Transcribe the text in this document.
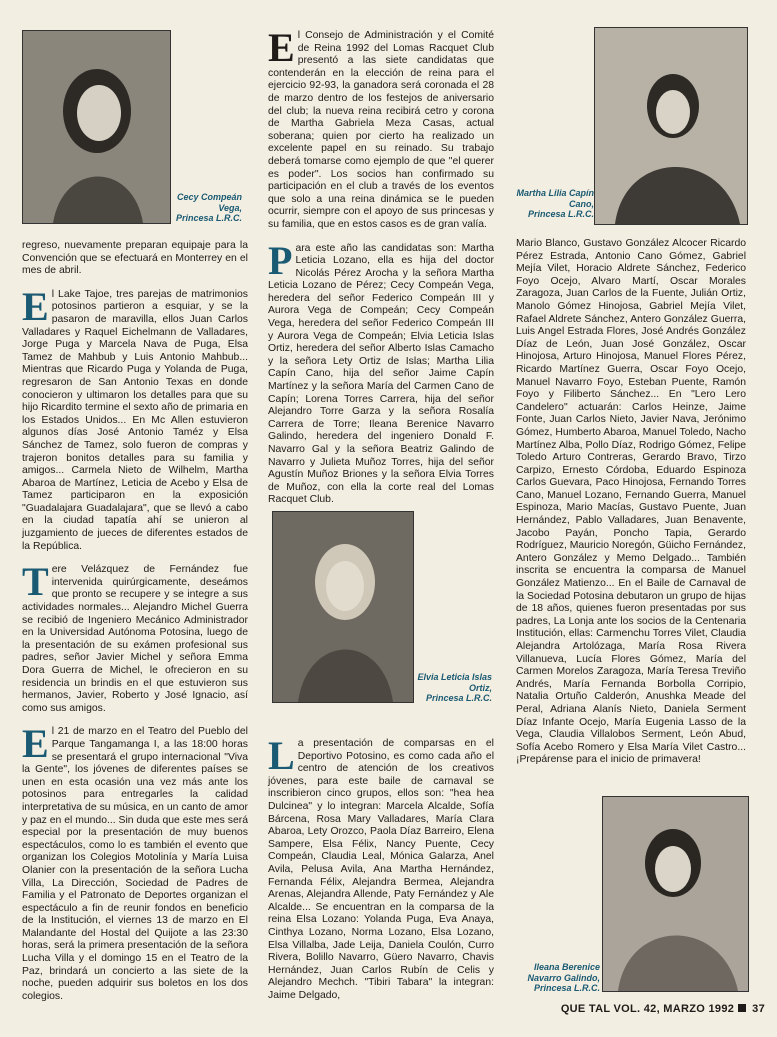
Cecy Compeán
Vega,
Princesa L.R.C.
Martha Lilia Capín
Cano,
Princesa L.R.C.
Elvia Leticia Islas
Ortiz,
Princesa L.R.C.
Ileana Berenice
Navarro Galindo,
Princesa L.R.C.

regreso, nuevamente preparan equipaje para la Convención que se efectuará en Monterrey en el mes de abril.

El Lake Tajoe, tres parejas de matrimonios potosinos partieron a esquiar, y se la pasaron de maravilla, ellos Juan Carlos Valladares y Raquel Eichelmann de Valladares, Jorge Puga y Marcela Nava de Puga, Elsa Tamez de Mahbub y Luis Antonio Mahbub... Mientras que Ricardo Puga y Yolanda de Puga, regresaron de San Antonio Texas en donde conocieron y ultimaron los detalles para que su hijo Ricardito termine el sexto año de primaria en los Estados Unidos... En Mc Allen estuvieron algunos días José Antonio Taméz y Elsa Sánchez de Tamez, solo fueron de compras y trajeron bonitos detalles para su familia y amigos... Carmela Nieto de Wilhelm, Martha Abaroa de Martínez, Leticia de Acebo y Elsa de Tamez participaron en la exposición "Guadalajara Guadalajara", que se llevó a cabo en la ciudad tapatía ahí se unieron al juzgamiento de jueces de diferentes estados de la República.

Tere Velázquez de Fernández fue intervenida quirúrgicamente, deseámos que pronto se recupere y se integre a sus actividades normales... Alejandro Michel Guerra se recibió de Ingeniero Mecánico Administrador en la Universidad Autónoma Potosina, luego de la presentación de su exámen profesional sus padres, señor Javier Michel y señora Emma Dora Guerra de Michel, le ofrecieron en su residencia un brindis en el que estuvieron sus hermanos, Javier, Roberto y José Ignacio, así como sus amigos.

El 21 de marzo en el Teatro del Pueblo del Parque Tangamanga I, a las 18:00 horas se presentará el grupo internacional "Viva la Gente", los jóvenes de diferentes países se unen en esta ocasión una vez más ante los potosinos para entregarles la calidad interpretativa de su música, en un canto de amor y paz en el mundo... Sin duda que este mes será especial por la presentación de muy buenos espectáculos, como lo es también el evento que organizan los Colegios Motolinía y María Luisa Olanier con la presentación de la señora Lucha Villa, La Dirección, Sociedad de Padres de Familia y el Patronato de Deportes organizan el espectáculo a fin de reunir fondos en beneficio de la Institución, el viernes 13 de marzo en El Malandante del Hostal del Quijote a las 23:30 horas, será la primera presentación de la señora Lucha Villa y el domingo 15 en el Teatro de la Paz, brindará un concierto a las siete de la noche, pueden adquirir sus boletos en los dos colegios.

El Consejo de Administración y el Comité de Reina 1992 del Lomas Racquet Club presentó a las siete candidatas que contenderán en la elección de reina para el ejercicio 92-93, la ganadora será coronada el 28 de marzo dentro de los festejos de aniversario del club; la nueva reina recibirá cetro y corona de Martha Gabriela Meza Casas, actual soberana; quien por cierto ha realizado un excelente papel en su reinado. Su trabajo deberá tomarse como ejemplo de que "el querer es poder". Los socios han confirmado su participación en el club a través de los eventos que solo a una reina dinámica se le pueden ocurrir, siempre con el apoyo de sus princesas y su familia, que en estos casos es de gran valía.

Para este año las candidatas son: Martha Leticia Lozano, ella es hija del doctor Nicolás Pérez Arocha y la señora Martha Leticia Lozano de Pérez; Cecy Compeán Vega, heredera del señor Federico Compeán III y Aurora Vega de Compeán; Cecy Compeán Vega, heredera del señor Federico Compeán III y Aurora Vega de Compeán; Elvia Leticia Islas Ortiz, heredera del señor Alberto Islas Camacho y la señora Lety Ortiz de Islas; Martha Lilia Capín Cano, hija del señor Jaime Capín Martínez y la señora María del Carmen Cano de Capín; Lorena Torres Carrera, hija del señor Alejandro Torre Garza y la señora Rosalía Carrera de Torre; Ileana Berenice Navarro Galindo, heredera del ingeniero Donald F. Navarro Gal y la señora Beatriz Galindo de Navarro y Julieta Muñoz Torres, hija del señor Agustín Muñoz Briones y la señora Elvia Torres de Muñoz, con ella la corte real del Lomas Racquet Club.

La presentación de comparsas en el Deportivo Potosino, es como cada año el centro de atención de los creativos jóvenes, para este baile de carnaval se inscribieron cinco grupos, ellos son: "hea hea Dulcinea" y lo integran: Marcela Alcalde, Sofía Bárcena, Rosa Mary Valladares, María Clara Abaroa, Lety Orozco, Paola Díaz Barreiro, Elena Sampere, Elsa Félix, Nancy Puente, Cecy Compeán, Claudia Leal, Mónica Galarza, Anel Avila, Pelusa Avila, Ana Martha Hernández, Fernanda Félix, Alejandra Bermea, Alejandra Arenas, Alejandra Allende, Paty Fernández y Ale Alcalde... Se encuentran en la comparsa de la reina Elsa Lozano: Yolanda Puga, Eva Anaya, Cinthya Lozano, Norma Lozano, Elsa Lozano, Elsa Villalba, Jade Leija, Daniela Coulón, Curro Rivera, Bolillo Navarro, Güero Navarro, Chavis Hernández, Juan Carlos Rubín de Celis y Alejandro Mechch. "Tibiri Tabara" la integran: Jaime Delgado,

Mario Blanco, Gustavo González Alcocer Ricardo Pérez Estrada, Antonio Cano Gómez, Gabriel Mejía Vilet, Horacio Aldrete Sánchez, Federico Foyo Ocejo, Alvaro Martí, Oscar Morales Zaragoza, Juan Carlos de la Fuente, Julián Ortiz, Manolo Gómez Hinojosa, Gabriel Mejía Vilet, Rafael Aldrete Sánchez, Antero González Guerra, Luis Angel Estrada Flores, José Andrés González Díaz de León, Juan José González, Oscar Hinojosa, Arturo Hinojosa, Manuel Flores Pérez, Ricardo Martínez Guerra, Oscar Foyo Ocejo, Manuel Navarro Foyo, Esteban Puente, Ramón Foyo y Filiberto Sánchez... En "Lero Lero Candelero" actuarán: Carlos Heinze, Jaime Fonte, Juan Carlos Nieto, Javier Nava, Jerónimo Gómez, Humberto Abaroa, Manuel Toledo, Nacho Martínez Alba, Pollo Díaz, Rodrigo Gómez, Felipe Toledo Arturo Contreras, Gerardo Bravo, Tirzo Carpizo, Ernesto Córdoba, Eduardo Espinoza Carlos Guevara, Paco Hinojosa, Fernando Torres Cano, Manuel Lozano, Fernando Guerra, Manuel Espinoza, Mario Macías, Gustavo Puente, Juan Hernández, Pablo Valladares, Juan Benavente, Jacobo Payán, Poncho Tapia, Gerardo Rodríguez, Mauricio Noregón, Güicho Fernández, Antero González y Memo Delgado... También inscrita se encuentra la comparsa de Manuel González Matienzo... En el Baile de Carnaval de la Sociedad Potosina debutaron un grupo de hijas de 18 años, quienes fueron presentadas por sus padres, La Lonja ante los socios de la Centenaria Institución, ellas: Carmenchu Torres Vilet, Claudia Alejandra Artolózaga, María Rosa Rivera Villanueva, Lucía Flores Gómez, María del Carmen Morelos Zaragoza, María Teresa Treviño Andrés, María Fernanda Borbolla Corripio, Natalia Ortuño Calderón, Anushka Meade del Peral, Adriana Alanís Nieto, Daniela Serment Díaz Infante Ocejo, María Eugenia Lasso de la Vega, Claudia Villalobos Serment, León Abud, Sofía Acebo Romero y Elsa María Vilet Castro... ¡Prepárense para el inicio de primavera!

QUE TAL VOL. 42, MARZO 1992 37
